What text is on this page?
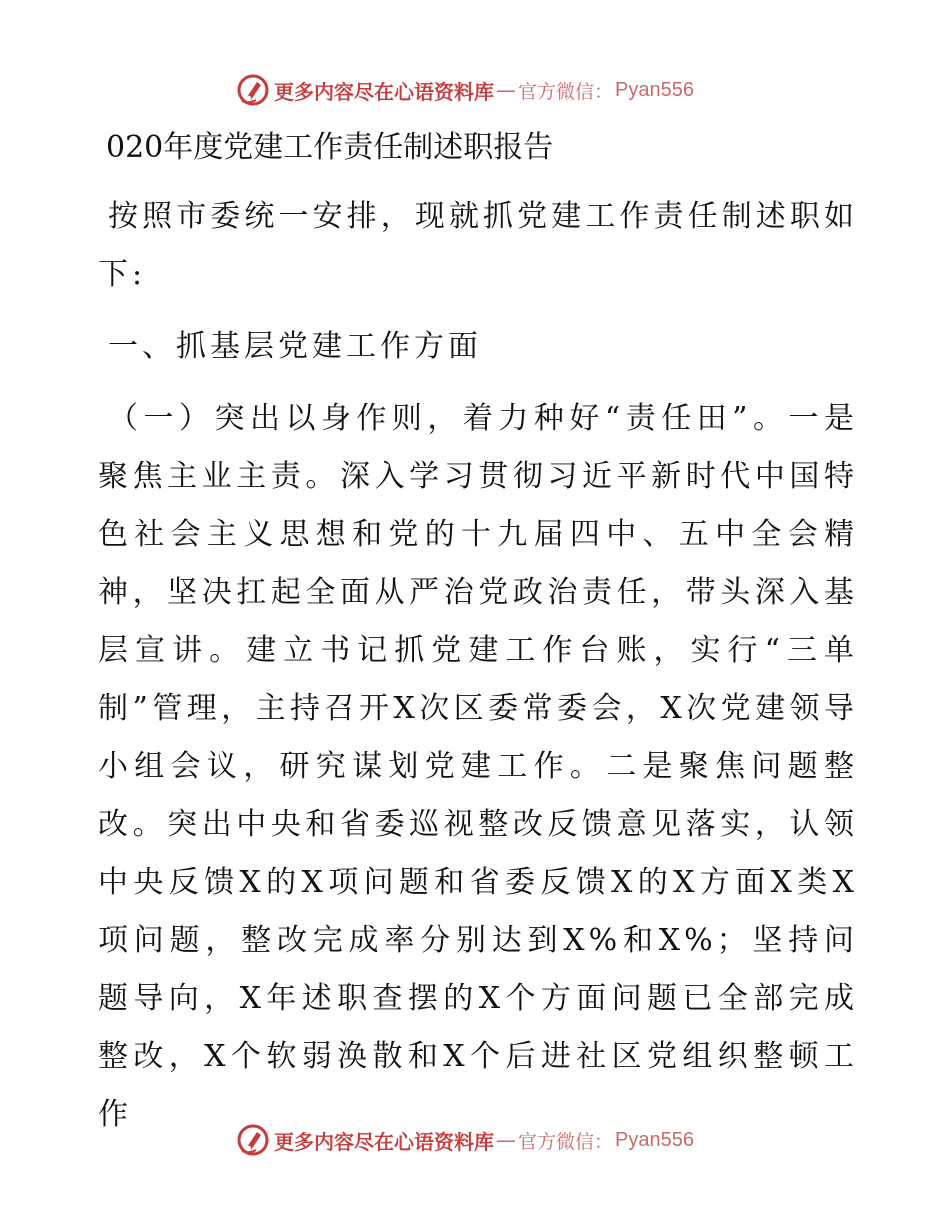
更多内容尽在心语资料库 — 官方微信： Pyan556
020年度党建工作责任制述职报告

按照市委统一安排，现就抓党建工作责任制述职如下:

一、抓基层党建工作方面

（一）突出以身作则，着力种好“责任田”。一是聚焦主业主责。深入学习贯彻习近平新时代中国特色社会主义思想和党的十九届四中、五中全会精神，坚决扛起全面从严治党政治责任，带头深入基层宣讲。建立书记抓党建工作台账，实行“三单制”管理，主持召开X次区委常委会，X次党建领导小组会议，研究谋划党建工作。二是聚焦问题整改。突出中央和省委巡视整改反馈意见落实，认领中央反馈X的X项问题和省委反馈X的X方面X类X项问题，整改完成率分别达到X%和X%；坚持问题导向，X年述职查摆的X个方面问题已全部完成整改，X个软弱涣散和X个后进社区党组织整顿工作

更多内容尽在心语资料库 — 官方微信： Pyan556
